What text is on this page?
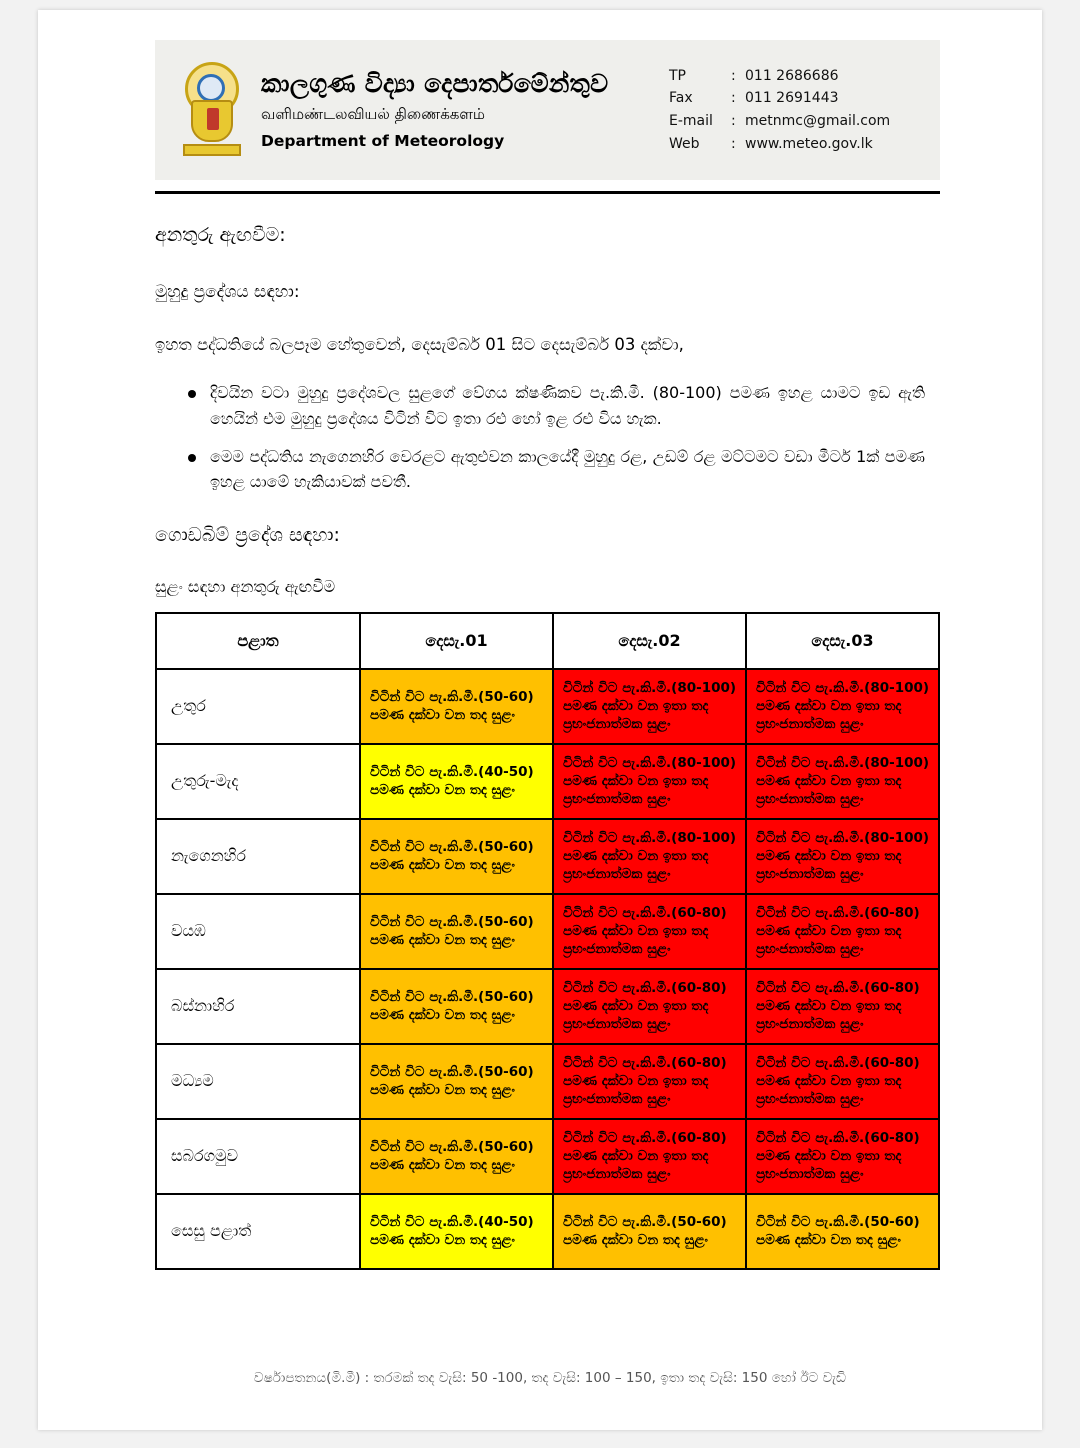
කාලගුණ විද්‍යා දෙපාර්තමේන්තුව
வளிமண்டலவியல் திணைக்களம்
Department of Meteorology
TP	: 011 2686686
Fax	: 011 2691443
E-mail	: metnmc@gmail.com
Web	: www.meteo.gov.lk
අනතුරු ඇඟවීම:
මුහුදු ප්‍රදේශය සඳහා:
ඉහත පද්ධතියේ බලපෑම හේතුවෙන්, දෙසැම්බර් 01 සිට දෙසැම්බර් 03 දක්වා,
දිවයින වටා මුහුදු ප්‍රදේශවල සුළගේ වේගය ක්ෂණිකව පැ.කි.මී. (80-100) පමණ ඉහළ යාමට ඉඩ ඇති හෙයින් එම මුහුදු ප්‍රදේශය විටින් විට ඉතා රළු හෝ ඉළ රළු විය හැක.
මෙම පද්ධතිය නැගෙනහිර වෙරළට ඇතුළුවන කාලයේදී මුහුදු රළ, උඩම් රළ මට්ටමට වඩා මීටර් 1ක් පමණ ඉහළ යාමේ හැකියාවක් පවතී.
ගොඩබිම් ප්‍රදේශ සඳහා:
සුළං සඳහා අනතුරු ඇඟවීම
පළාත	දෙසැ.01	දෙසැ.02	දෙසැ.03
උතුර	විටින් විට පැ.කි.මී.(50-60) පමණ දක්වා වන තද සුළං	විටින් විට පැ.කි.මී.(80-100) පමණ දක්වා වන ඉතා තද ප්‍රභංජනාත්මක සුළං	විටින් විට පැ.කි.මී.(80-100) පමණ දක්වා වන ඉතා තද ප්‍රභංජනාත්මක සුළං
උතුරු-මැද	විටින් විට පැ.කි.මී.(40-50) පමණ දක්වා වන තද සුළං	විටින් විට පැ.කි.මී.(80-100) පමණ දක්වා වන ඉතා තද ප්‍රභංජනාත්මක සුළං	විටින් විට පැ.කි.මී.(80-100) පමණ දක්වා වන ඉතා තද ප්‍රභංජනාත්මක සුළං
නැගෙනහිර	විටින් විට පැ.කි.මී.(50-60) පමණ දක්වා වන තද සුළං	විටින් විට පැ.කි.මී.(80-100) පමණ දක්වා වන ඉතා තද ප්‍රභංජනාත්මක සුළං	විටින් විට පැ.කි.මී.(80-100) පමණ දක්වා වන ඉතා තද ප්‍රභංජනාත්මක සුළං
වයඹ	විටින් විට පැ.කි.මී.(50-60) පමණ දක්වා වන තද සුළං	විටින් විට පැ.කි.මී.(60-80) පමණ දක්වා වන ඉතා තද ප්‍රභංජනාත්මක සුළං	විටින් විට පැ.කි.මී.(60-80) පමණ දක්වා වන ඉතා තද ප්‍රභංජනාත්මක සුළං
බස්නාහිර	විටින් විට පැ.කි.මී.(50-60) පමණ දක්වා වන තද සුළං	විටින් විට පැ.කි.මී.(60-80) පමණ දක්වා වන ඉතා තද ප්‍රභංජනාත්මක සුළං	විටින් විට පැ.කි.මී.(60-80) පමණ දක්වා වන ඉතා තද ප්‍රභංජනාත්මක සුළං
මධ්‍යම	විටින් විට පැ.කි.මී.(50-60) පමණ දක්වා වන තද සුළං	විටින් විට පැ.කි.මී.(60-80) පමණ දක්වා වන ඉතා තද ප්‍රභංජනාත්මක සුළං	විටින් විට පැ.කි.මී.(60-80) පමණ දක්වා වන ඉතා තද ප්‍රභංජනාත්මක සුළං
සබරගමුව	විටින් විට පැ.කි.මී.(50-60) පමණ දක්වා වන තද සුළං	විටින් විට පැ.කි.මී.(60-80) පමණ දක්වා වන ඉතා තද ප්‍රභංජනාත්මක සුළං	විටින් විට පැ.කි.මී.(60-80) පමණ දක්වා වන ඉතා තද ප්‍රභංජනාත්මක සුළං
සෙසු පළාත්	විටින් විට පැ.කි.මී.(40-50) පමණ දක්වා වන තද සුළං	විටින් විට පැ.කි.මී.(50-60) පමණ දක්වා වන තද සුළං	විටින් විට පැ.කි.මී.(50-60) පමණ දක්වා වන තද සුළං
වර්ෂාපතනය(මි.මී) : තරමක් තද වැසි: 50 -100, තද වැසි: 100 – 150, ඉතා තද වැසි: 150 හෝ ඊට වැඩි
